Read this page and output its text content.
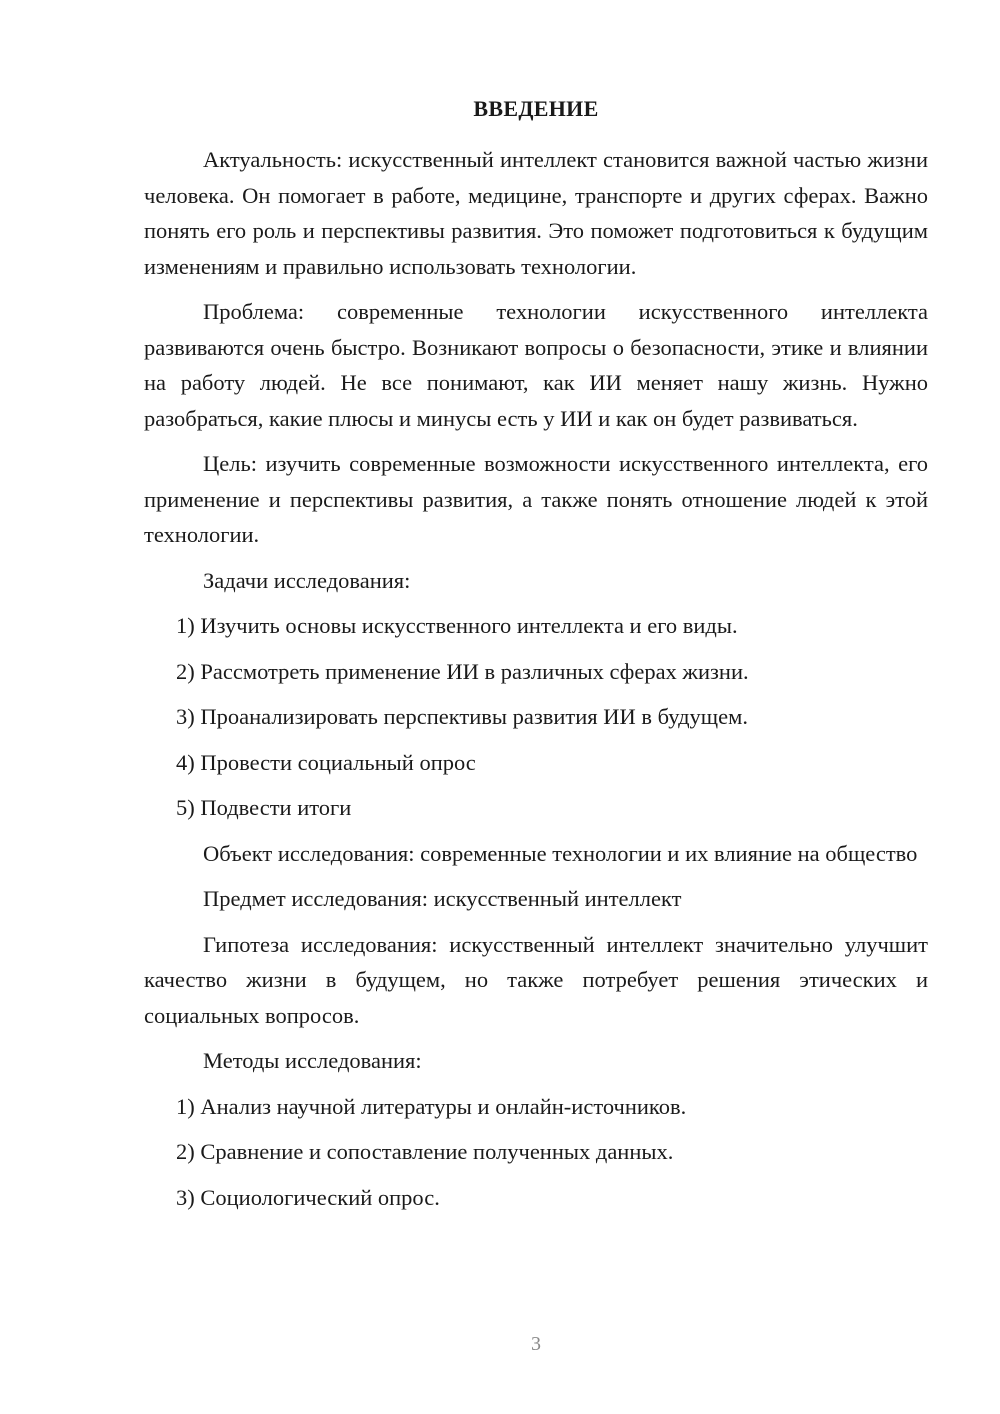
ВВЕДЕНИЕ

Актуальность: искусственный интеллект становится важной частью жизни человека. Он помогает в работе, медицине, транспорте и других сферах. Важно понять его роль и перспективы развития. Это поможет подготовиться к будущим изменениям и правильно использовать технологии.

Проблема: современные технологии искусственного интеллекта развиваются очень быстро. Возникают вопросы о безопасности, этике и влиянии на работу людей. Не все понимают, как ИИ меняет нашу жизнь. Нужно разобраться, какие плюсы и минусы есть у ИИ и как он будет развиваться.

Цель: изучить современные возможности искусственного интеллекта, его применение и перспективы развития, а также понять отношение людей к этой технологии.

Задачи исследования:

1) Изучить основы искусственного интеллекта и его виды.
2) Рассмотреть применение ИИ в различных сферах жизни.
3) Проанализировать перспективы развития ИИ в будущем.
4) Провести социальный опрос
5) Подвести итоги

Объект исследования: современные технологии и их влияние на общество

Предмет исследования: искусственный интеллект

Гипотеза исследования: искусственный интеллект значительно улучшит качество жизни в будущем, но также потребует решения этических и социальных вопросов.

Методы исследования:

1) Анализ научной литературы и онлайн-источников.
2) Сравнение и сопоставление полученных данных.
3) Социологический опрос.
3
